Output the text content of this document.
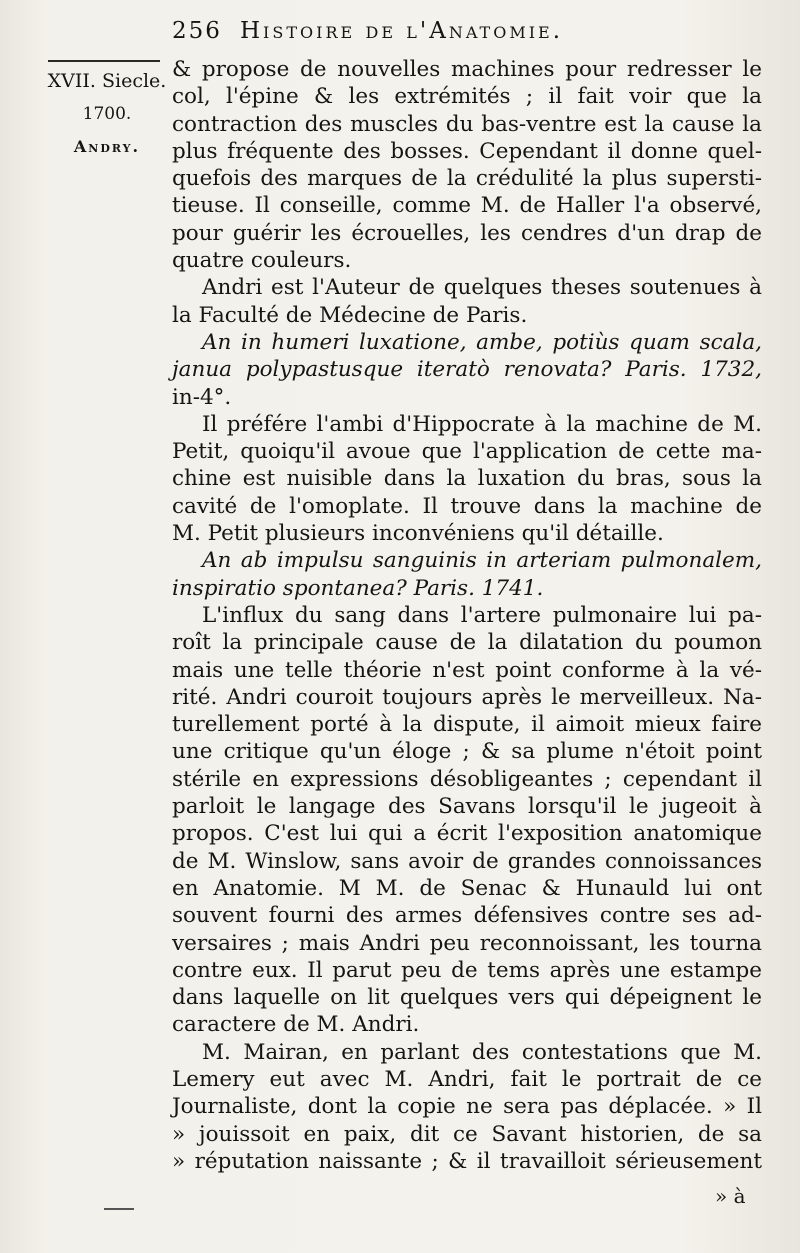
256 Histoire de l'Anatomie.
XVII. Siecle.
1700.
Andry.
& propose de nouvelles machines pour redresser le
col, l'épine & les extrémités ; il fait voir que la
contraction des muscles du bas-ventre est la cause la
plus fréquente des bosses. Cependant il donne quel-
quefois des marques de la crédulité la plus supersti-
tieuse. Il conseille, comme M. de Haller l'a observé,
pour guérir les écrouelles, les cendres d'un drap de
quatre couleurs.
Andri est l'Auteur de quelques theses soutenues à
la Faculté de Médecine de Paris.
An in humeri luxatione, ambe, potiùs quam scala,
janua polypastusque iteratò renovata? Paris. 1732,
in-4°.
Il préfére l'ambi d'Hippocrate à la machine de M.
Petit, quoiqu'il avoue que l'application de cette ma-
chine est nuisible dans la luxation du bras, sous la
cavité de l'omoplate. Il trouve dans la machine de
M. Petit plusieurs inconvéniens qu'il détaille.
An ab impulsu sanguinis in arteriam pulmonalem,
inspiratio spontanea? Paris. 1741.
L'influx du sang dans l'artere pulmonaire lui pa-
roît la principale cause de la dilatation du poumon
mais une telle théorie n'est point conforme à la vé-
rité. Andri couroit toujours après le merveilleux. Na-
turellement porté à la dispute, il aimoit mieux faire
une critique qu'un éloge ; & sa plume n'étoit point
stérile en expressions désobligeantes ; cependant il
parloit le langage des Savans lorsqu'il le jugeoit à
propos. C'est lui qui a écrit l'exposition anatomique
de M. Winslow, sans avoir de grandes connoissances
en Anatomie. M M. de Senac & Hunauld lui ont
souvent fourni des armes défensives contre ses ad-
versaires ; mais Andri peu reconnoissant, les tourna
contre eux. Il parut peu de tems après une estampe
dans laquelle on lit quelques vers qui dépeignent le
caractere de M. Andri.
M. Mairan, en parlant des contestations que M.
Lemery eut avec M. Andri, fait le portrait de ce
Journaliste, dont la copie ne sera pas déplacée. » Il
» jouissoit en paix, dit ce Savant historien, de sa
» réputation naissante ; & il travailloit sérieusement
» à
